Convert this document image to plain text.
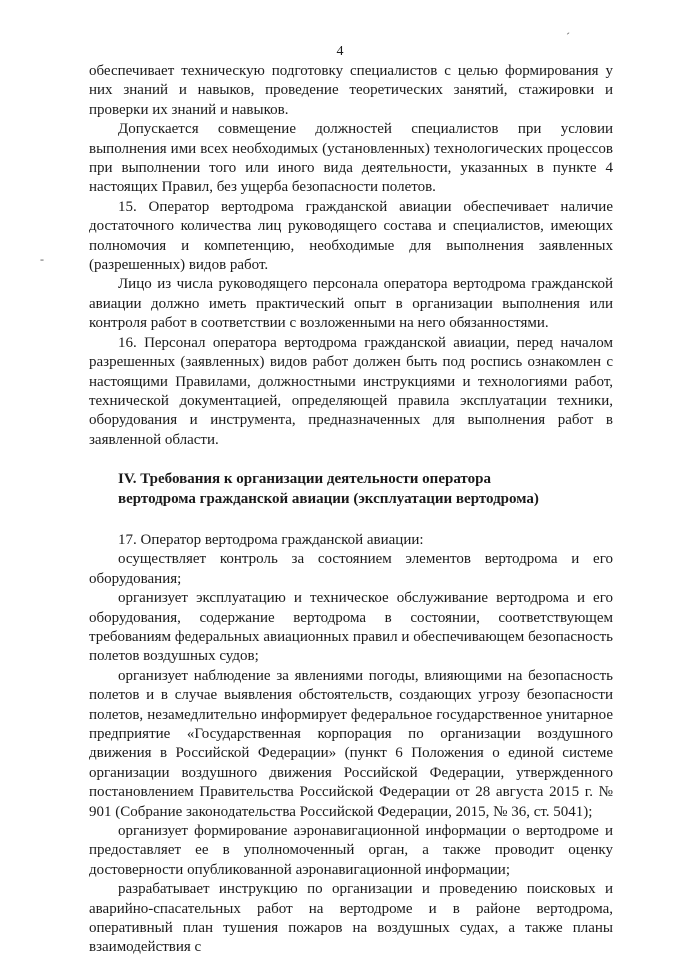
4
ˊ
-

обеспечивает техническую подготовку специалистов с целью формирования у них знаний и навыков, проведение теоретических занятий, стажировки и проверки их знаний и навыков.

Допускается совмещение должностей специалистов при условии выполнения ими всех необходимых (установленных) технологических процессов при выполнении того или иного вида деятельности, указанных в пункте 4 настоящих Правил, без ущерба безопасности полетов.

15. Оператор вертодрома гражданской авиации обеспечивает наличие достаточного количества лиц руководящего состава и специалистов, имеющих полномочия и компетенцию, необходимые для выполнения заявленных (разрешенных) видов работ.

Лицо из числа руководящего персонала оператора вертодрома гражданской авиации должно иметь практический опыт в организации выполнения или контроля работ в соответствии с возложенными на него обязанностями.

16. Персонал оператора вертодрома гражданской авиации, перед началом разрешенных (заявленных) видов работ должен быть под роспись ознакомлен с настоящими Правилами, должностными инструкциями и технологиями работ, технической документацией, определяющей правила эксплуатации техники, оборудования и инструмента, предназначенных для выполнения работ в заявленной области.

IV. Требования к организации деятельности оператора

вертодрома гражданской авиации (эксплуатации вертодрома)

17. Оператор вертодрома гражданской авиации:

осуществляет контроль за состоянием элементов вертодрома и его оборудования;

организует эксплуатацию и техническое обслуживание вертодрома и его оборудования, содержание вертодрома в состоянии, соответствующем требованиям федеральных авиационных правил и обеспечивающем безопасность полетов воздушных судов;

организует наблюдение за явлениями погоды, влияющими на безопасность полетов и в случае выявления обстоятельств, создающих угрозу безопасности полетов, незамедлительно информирует федеральное государственное унитарное предприятие «Государственная корпорация по организации воздушного движения в Российской Федерации» (пункт 6 Положения о единой системе организации воздушного движения Российской Федерации, утвержденного постановлением Правительства Российской Федерации от 28 августа 2015 г. № 901 (Собрание законодательства Российской Федерации, 2015, № 36, ст. 5041);

организует формирование аэронавигационной информации о вертодроме и предоставляет ее в уполномоченный орган, а также проводит оценку достоверности опубликованной аэронавигационной информации;

разрабатывает инструкцию по организации и проведению поисковых и аварийно-спасательных работ на вертодроме и в районе вертодрома, оперативный план тушения пожаров на воздушных судах, а также планы взаимодействия с
